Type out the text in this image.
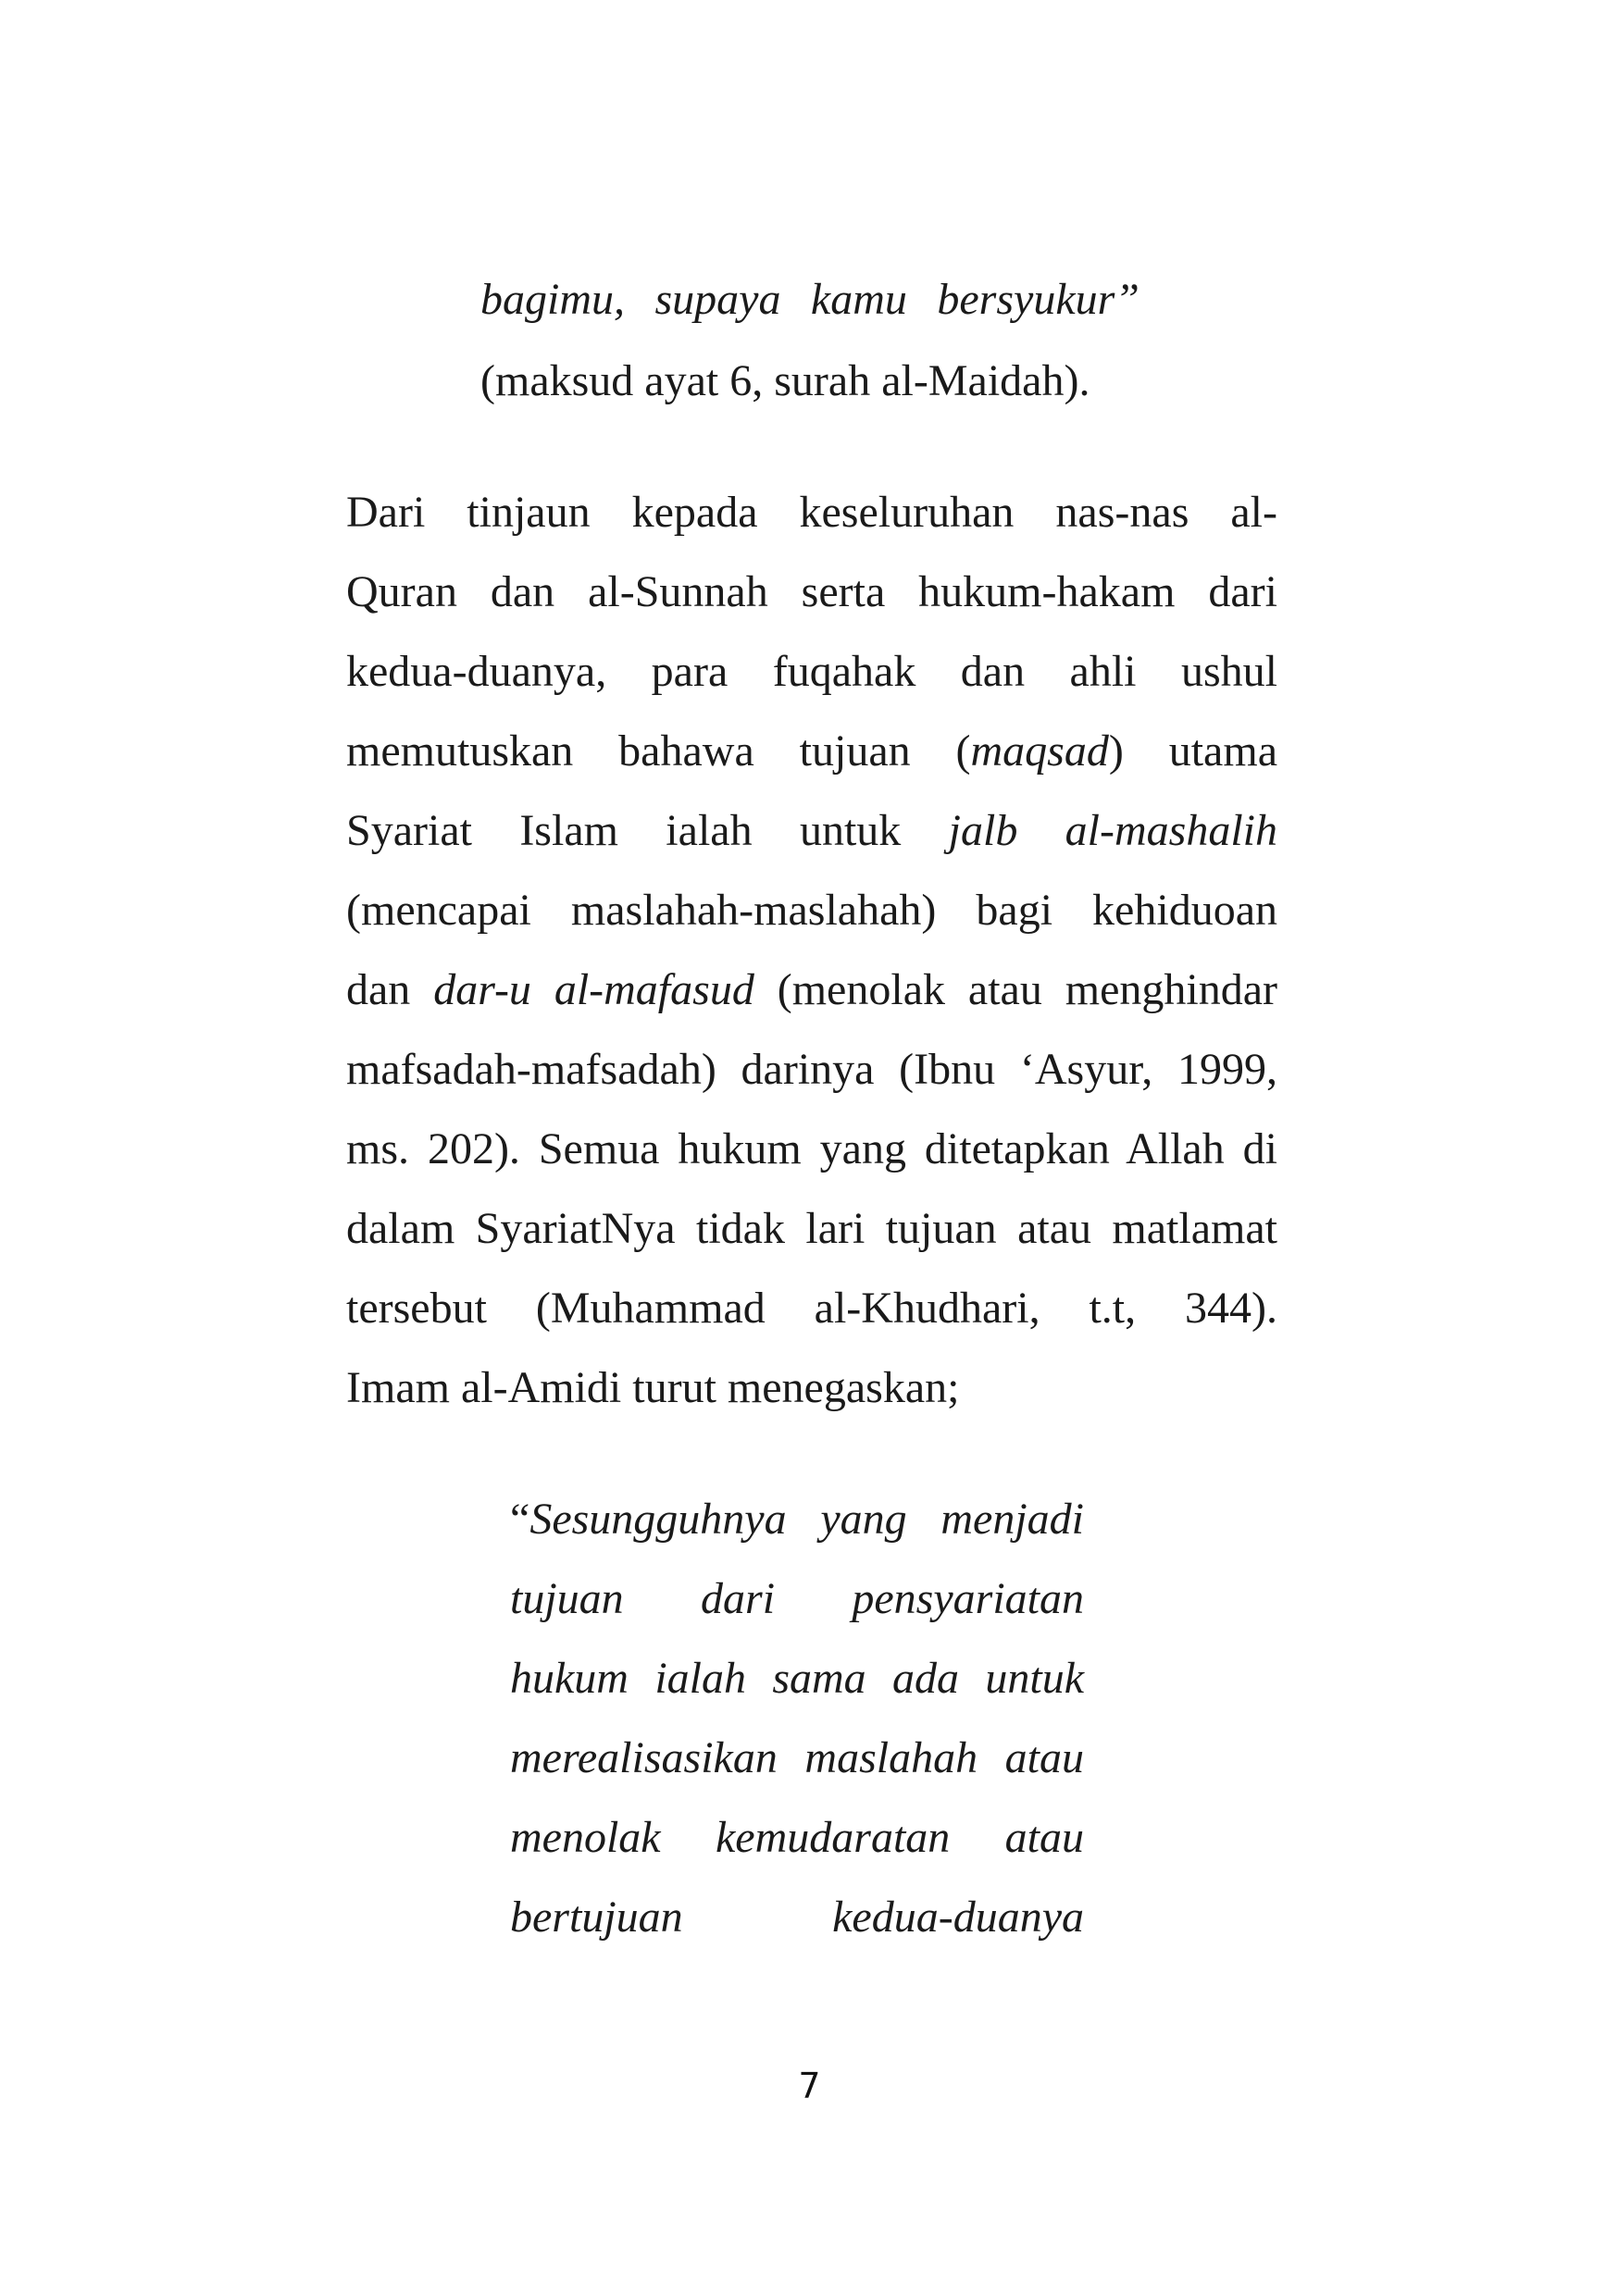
bagimu, supaya kamu bersyukur”
(maksud ayat 6, surah al-Maidah).
Dari tinjaun kepada keseluruhan nas-nas al-
Quran dan al-Sunnah serta hukum-hakam dari
kedua-duanya, para fuqahak dan ahli ushul
memutuskan bahawa tujuan (maqsad) utama
Syariat Islam ialah untuk jalb al-mashalih
(mencapai maslahah-maslahah) bagi kehiduoan
dan dar-u al-mafasud (menolak atau menghindar
mafsadah-mafsadah) darinya (Ibnu ‘Asyur, 1999,
ms. 202). Semua hukum yang ditetapkan Allah di
dalam SyariatNya tidak lari tujuan atau matlamat
tersebut (Muhammad al-Khudhari, t.t, 344).
Imam al-Amidi turut menegaskan;
“Sesungguhnya yang menjadi
tujuan dari pensyariatan
hukum ialah sama ada untuk
merealisasikan maslahah atau
menolak kemudaratan atau
bertujuan kedua-duanya
7
